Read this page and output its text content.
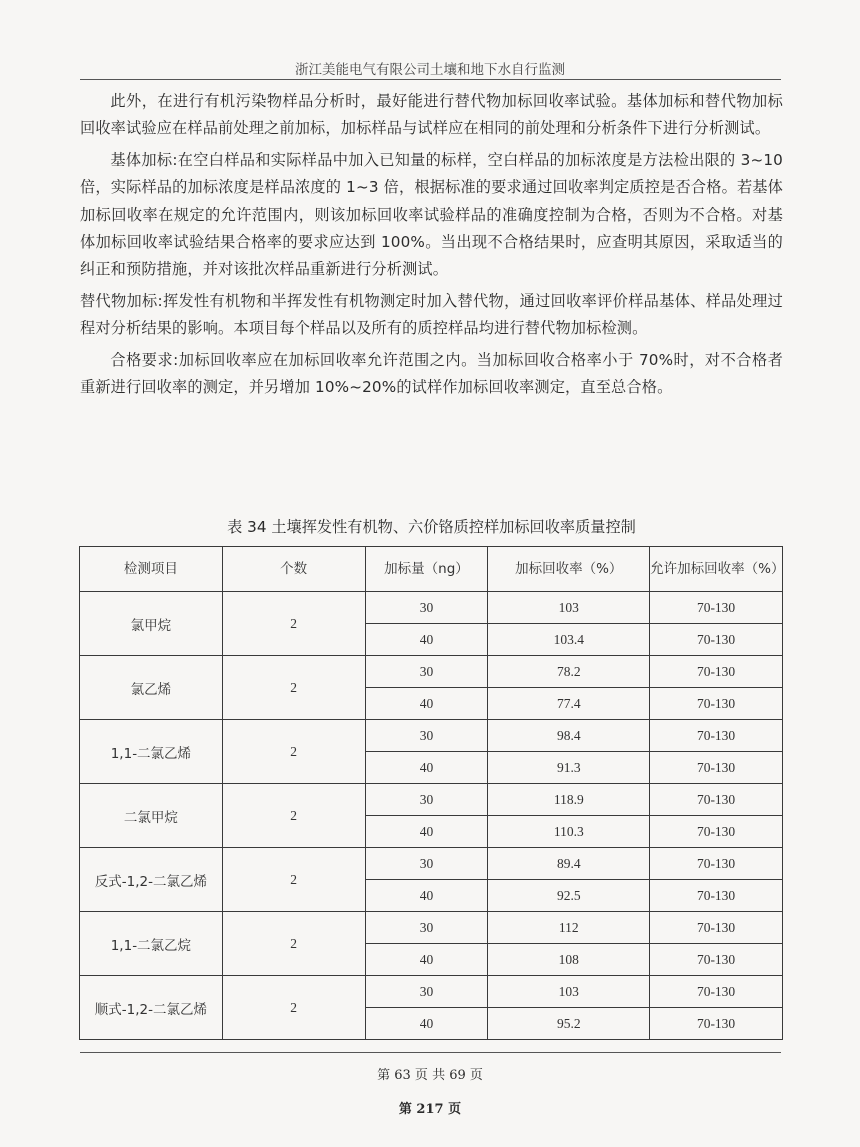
浙江美能电气有限公司土壤和地下水自行监测

此外，在进行有机污染物样品分析时，最好能进行替代物加标回收率试验。基体加标和替代物加标回收率试验应在样品前处理之前加标，加标样品与试样应在相同的前处理和分析条件下进行分析测试。

基体加标:在空白样品和实际样品中加入已知量的标样，空白样品的加标浓度是方法检出限的 3~10 倍，实际样品的加标浓度是样品浓度的 1~3 倍，根据标准的要求通过回收率判定质控是否合格。若基体加标回收率在规定的允许范围内，则该加标回收率试验样品的准确度控制为合格，否则为不合格。对基体加标回收率试验结果合格率的要求应达到 100%。当出现不合格结果时，应查明其原因，采取适当的纠正和预防措施，并对该批次样品重新进行分析测试。

替代物加标:挥发性有机物和半挥发性有机物测定时加入替代物，通过回收率评价样品基体、样品处理过程对分析结果的影响。本项目每个样品以及所有的质控样品均进行替代物加标检测。

合格要求:加标回收率应在加标回收率允许范围之内。当加标回收合格率小于 70%时，对不合格者重新进行回收率的测定，并另增加 10%~20%的试样作加标回收率测定，直至总合格。

表 34 土壤挥发性有机物、六价铬质控样加标回收率质量控制
检测项目	个数	加标量（ng）	加标回收率（%）	允许加标回收率（%）
氯甲烷	2	30	103	70-130
		40	103.4	70-130
氯乙烯	2	30	78.2	70-130
		40	77.4	70-130
1,1-二氯乙烯	2	30	98.4	70-130
		40	91.3	70-130
二氯甲烷	2	30	118.9	70-130
		40	110.3	70-130
反式-1,2-二氯乙烯	2	30	89.4	70-130
		40	92.5	70-130
1,1-二氯乙烷	2	30	112	70-130
		40	108	70-130
顺式-1,2-二氯乙烯	2	30	103	70-130
		40	95.2	70-130
第 63 页 共 69 页
第 217 页
